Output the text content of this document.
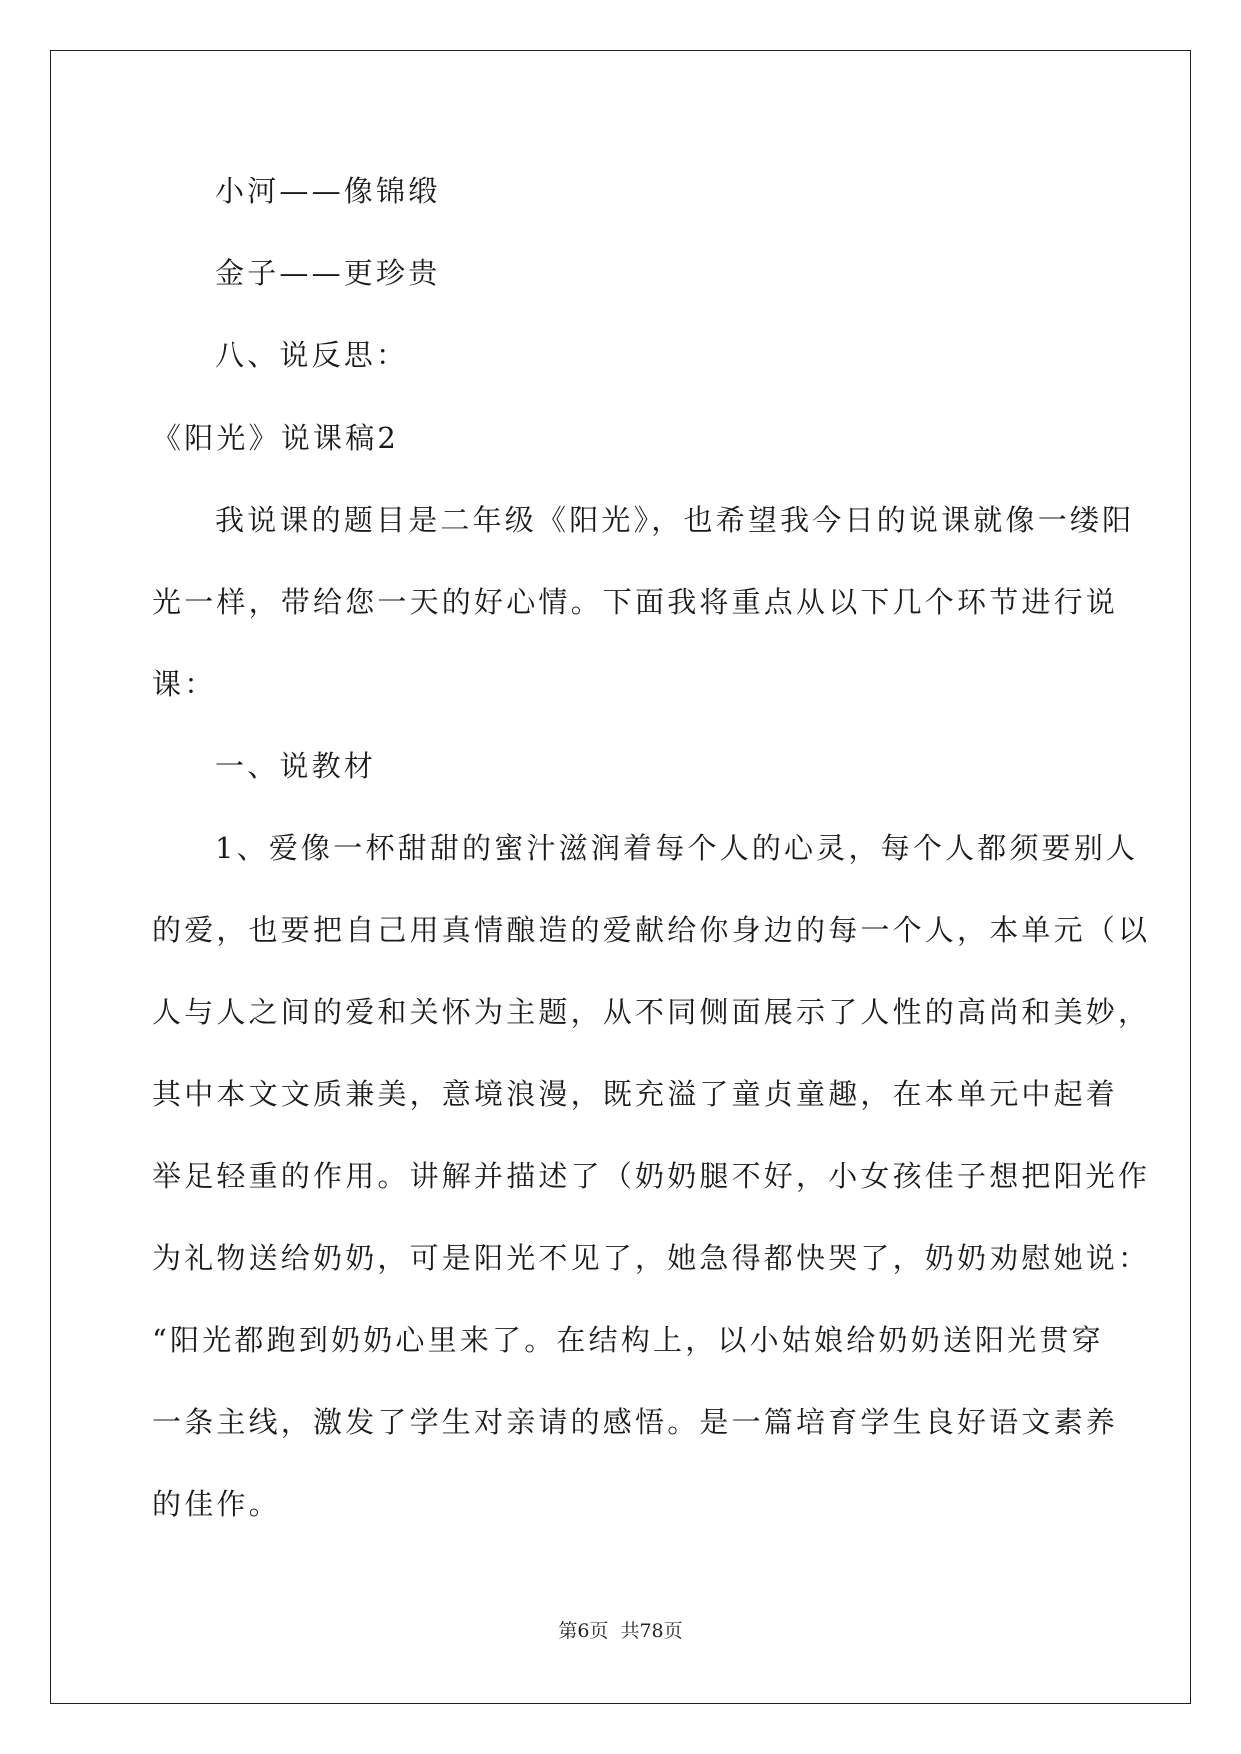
小河——像锦缎
金子——更珍贵
八、说反思：
《阳光》说课稿2
我说课的题目是二年级《阳光》，也希望我今日的说课就像一缕阳
光一样，带给您一天的好心情。下面我将重点从以下几个环节进行说
课：
一、说教材
1、爱像一杯甜甜的蜜汁滋润着每个人的心灵，每个人都须要别人
的爱，也要把自己用真情酿造的爱献给你身边的每一个人，本单元（以
人与人之间的爱和关怀为主题，从不同侧面展示了人性的高尚和美妙，
其中本文文质兼美，意境浪漫，既充溢了童贞童趣，在本单元中起着
举足轻重的作用。讲解并描述了（奶奶腿不好，小女孩佳子想把阳光作
为礼物送给奶奶，可是阳光不见了，她急得都快哭了，奶奶劝慰她说：
“阳光都跑到奶奶心里来了。在结构上，以小姑娘给奶奶送阳光贯穿
一条主线，激发了学生对亲请的感悟。是一篇培育学生良好语文素养
的佳作。
第6页 共78页
